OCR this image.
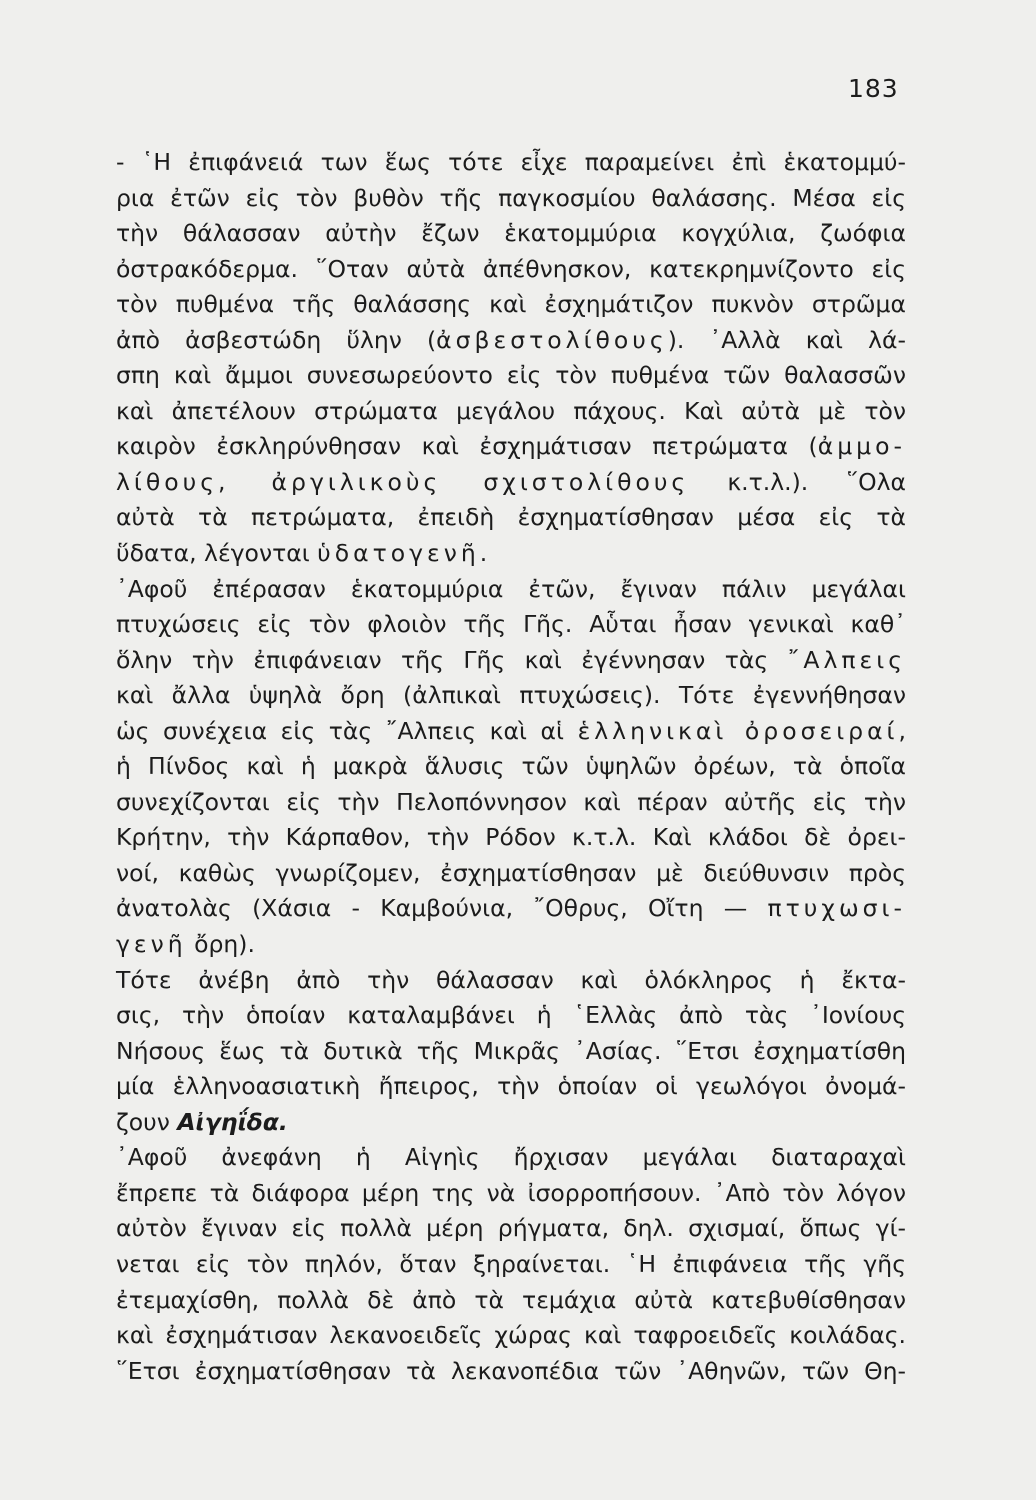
183
- ῾Η ἐπιφάνειά των ἕως τότε εἶχε παραμείνει ἐπὶ ἑκατομμύ-
ρια ἐτῶν εἰς τὸν βυθὸν τῆς παγκοσμίου θαλάσσης. Μέσα εἰς
τὴν θάλασσαν αὐτὴν ἔζων ἑκατομμύρια κογχύλια, ζωόφια
ὀστρακόδερμα. ῞Οταν αὐτὰ ἀπέθνησκον, κατεκρημνίζοντο εἰς
τὸν πυθμένα τῆς θαλάσσης καὶ ἐσχημάτιζον πυκνὸν στρῶμα
ἀπὸ ἀσβεστώδη ὕλην (ἀσβεστολίθους). ᾿Αλλὰ καὶ λά-
σπη καὶ ἄμμοι συνεσωρεύοντο εἰς τὸν πυθμένα τῶν θαλασσῶν
καὶ ἀπετέλουν στρώματα μεγάλου πάχους. Καὶ αὐτὰ μὲ τὸν
καιρὸν ἐσκληρύνθησαν καὶ ἐσχημάτισαν πετρώματα (ἀμμο-
λίθους, ἀργιλικοὺς σχιστολίθους κ.τ.λ.). ῞Ολα
αὐτὰ τὰ πετρώματα, ἐπειδὴ ἐσχηματίσθησαν μέσα εἰς τὰ
ὕδατα, λέγονται ὑδατογενῆ.
᾿Αφοῦ ἐπέρασαν ἑκατομμύρια ἐτῶν, ἔγιναν πάλιν μεγάλαι
πτυχώσεις εἰς τὸν φλοιὸν τῆς Γῆς. Αὗται ἦσαν γενικαὶ καθ᾿
ὅλην τὴν ἐπιφάνειαν τῆς Γῆς καὶ ἐγέννησαν τὰς ῎Αλπεις
καὶ ἄλλα ὑψηλὰ ὄρη (ἀλπικαὶ πτυχώσεις). Τότε ἐγεννήθησαν
ὡς συνέχεια εἰς τὰς ῎Αλπεις καὶ αἱ ἑλληνικαὶ ὀροσειραί,
ἡ Πίνδος καὶ ἡ μακρὰ ἅλυσις τῶν ὑψηλῶν ὀρέων, τὰ ὁποῖα
συνεχίζονται εἰς τὴν Πελοπόννησον καὶ πέραν αὐτῆς εἰς τὴν
Κρήτην, τὴν Κάρπαθον, τὴν Ρόδον κ.τ.λ. Καὶ κλάδοι δὲ ὀρει-
νοί, καθὼς γνωρίζομεν, ἐσχηματίσθησαν μὲ διεύθυνσιν πρὸς
ἀνατολὰς (Χάσια - Καμβούνια, ῎Οθρυς, Οἴτη — πτυχωσι-
γενῆ ὄρη).
Τότε ἀνέβη ἀπὸ τὴν θάλασσαν καὶ ὁλόκληρος ἡ ἔκτα-
σις, τὴν ὁποίαν καταλαμβάνει ἡ ῾Ελλὰς ἀπὸ τὰς ᾿Ιονίους
Νήσους ἕως τὰ δυτικὰ τῆς Μικρᾶς ᾿Ασίας. ῞Ετσι ἐσχηματίσθη
μία ἑλληνοασιατικὴ ἤπειρος, τὴν ὁποίαν οἱ γεωλόγοι ὀνομά-
ζουν Αἰγηΐδα.
᾿Αφοῦ ἀνεφάνη ἡ Αἰγηὶς ἤρχισαν μεγάλαι διαταραχαὶ
ἔπρεπε τὰ διάφορα μέρη της νὰ ἰσορροπήσουν. ᾿Απὸ τὸν λόγον
αὐτὸν ἔγιναν εἰς πολλὰ μέρη ρήγματα, δηλ. σχισμαί, ὅπως γί-
νεται εἰς τὸν πηλόν, ὅταν ξηραίνεται. ῾Η ἐπιφάνεια τῆς γῆς
ἐτεμαχίσθη, πολλὰ δὲ ἀπὸ τὰ τεμάχια αὐτὰ κατεβυθίσθησαν
καὶ ἐσχημάτισαν λεκανοειδεῖς χώρας καὶ ταφροειδεῖς κοιλάδας.
῞Ετσι ἐσχηματίσθησαν τὰ λεκανοπέδια τῶν ᾿Αθηνῶν, τῶν Θη-
